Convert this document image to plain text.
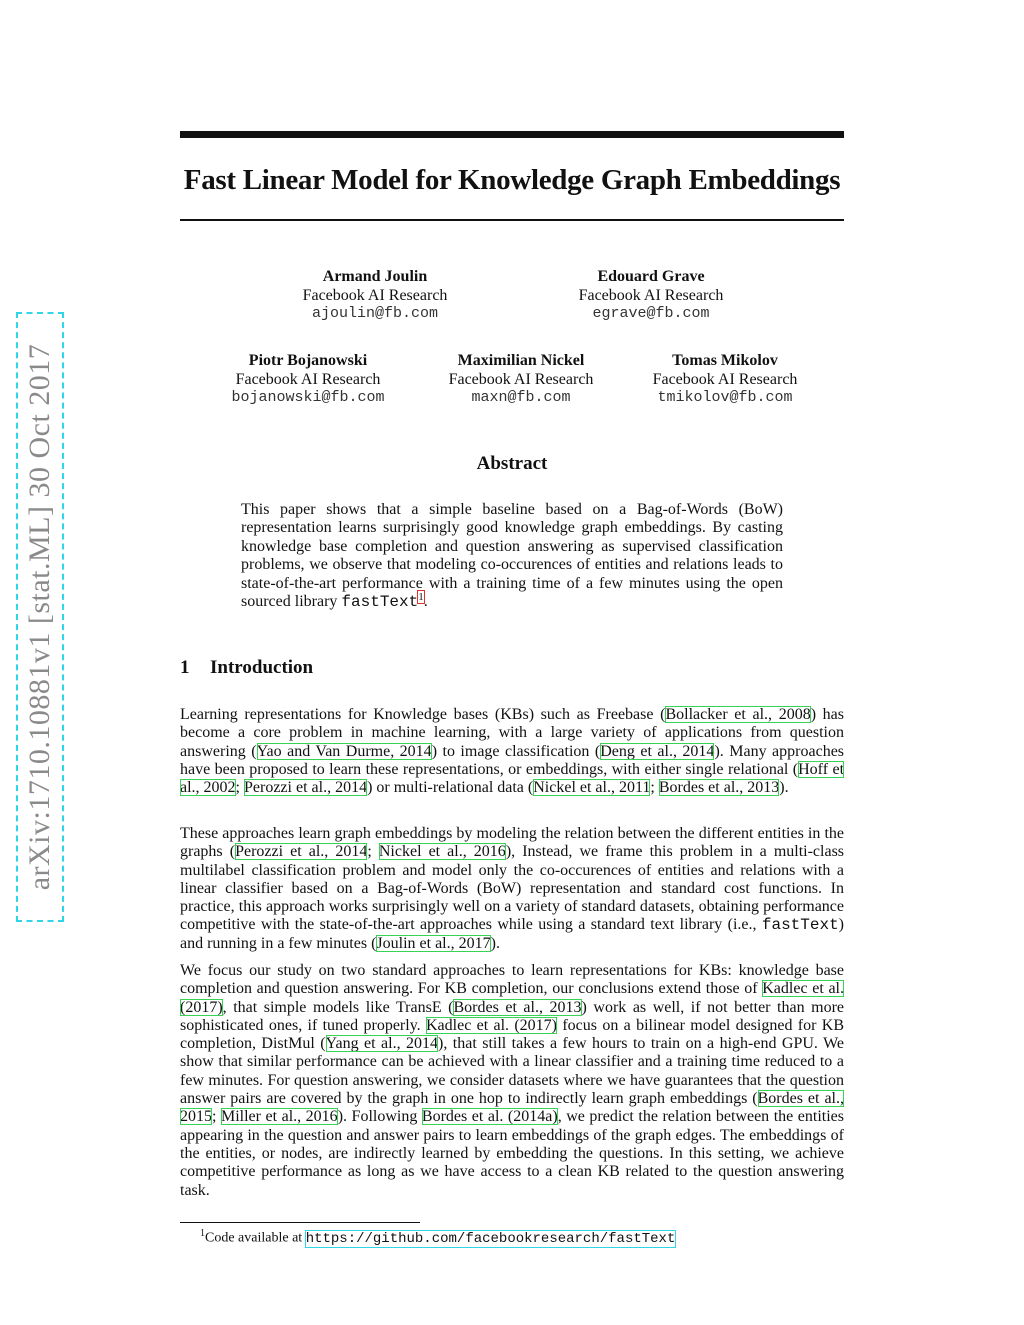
arXiv:1710.10881v1 [stat.ML] 30 Oct 2017
Fast Linear Model for Knowledge Graph Embeddings
Armand Joulin
Facebook AI Research
ajoulin@fb.com
Edouard Grave
Facebook AI Research
egrave@fb.com
Piotr Bojanowski
Facebook AI Research
bojanowski@fb.com
Maximilian Nickel
Facebook AI Research
maxn@fb.com
Tomas Mikolov
Facebook AI Research
tmikolov@fb.com
Abstract

This paper shows that a simple baseline based on a Bag-of-Words (BoW) representation learns surprisingly good knowledge graph embeddings. By casting knowledge base completion and question answering as supervised classification problems, we observe that modeling co-occurences of entities and relations leads to state-of-the-art performance with a training time of a few minutes using the open sourced library fastText$^1$.

1 Introduction

Learning representations for Knowledge bases (KBs) such as Freebase (Bollacker et al., 2008) has become a core problem in machine learning, with a large variety of applications from question answering (Yao and Van Durme, 2014) to image classification (Deng et al., 2014). Many approaches have been proposed to learn these representations, or embeddings, with either single relational (Hoff et al., 2002; Perozzi et al., 2014) or multi-relational data (Nickel et al., 2011; Bordes et al., 2013).

These approaches learn graph embeddings by modeling the relation between the different entities in the graphs (Perozzi et al., 2014; Nickel et al., 2016), Instead, we frame this problem in a multi-class multilabel classification problem and model only the co-occurences of entities and relations with a linear classifier based on a Bag-of-Words (BoW) representation and standard cost functions. In practice, this approach works surprisingly well on a variety of standard datasets, obtaining performance competitive with the state-of-the-art approaches while using a standard text library (i.e., fastText) and running in a few minutes (Joulin et al., 2017).

We focus our study on two standard approaches to learn representations for KBs: knowledge base completion and question answering. For KB completion, our conclusions extend those of Kadlec et al. (2017), that simple models like TransE (Bordes et al., 2013) work as well, if not better than more sophisticated ones, if tuned properly. Kadlec et al. (2017) focus on a bilinear model designed for KB completion, DistMul (Yang et al., 2014), that still takes a few hours to train on a high-end GPU. We show that similar performance can be achieved with a linear classifier and a training time reduced to a few minutes. For question answering, we consider datasets where we have guarantees that the question answer pairs are covered by the graph in one hop to indirectly learn graph embeddings (Bordes et al., 2015; Miller et al., 2016). Following Bordes et al. (2014a), we predict the relation between the entities appearing in the question and answer pairs to learn embeddings of the graph edges. The embeddings of the entities, or nodes, are indirectly learned by embedding the questions. In this setting, we achieve competitive performance as long as we have access to a clean KB related to the question answering task.

$^1$Code available at https://github.com/facebookresearch/fastText
